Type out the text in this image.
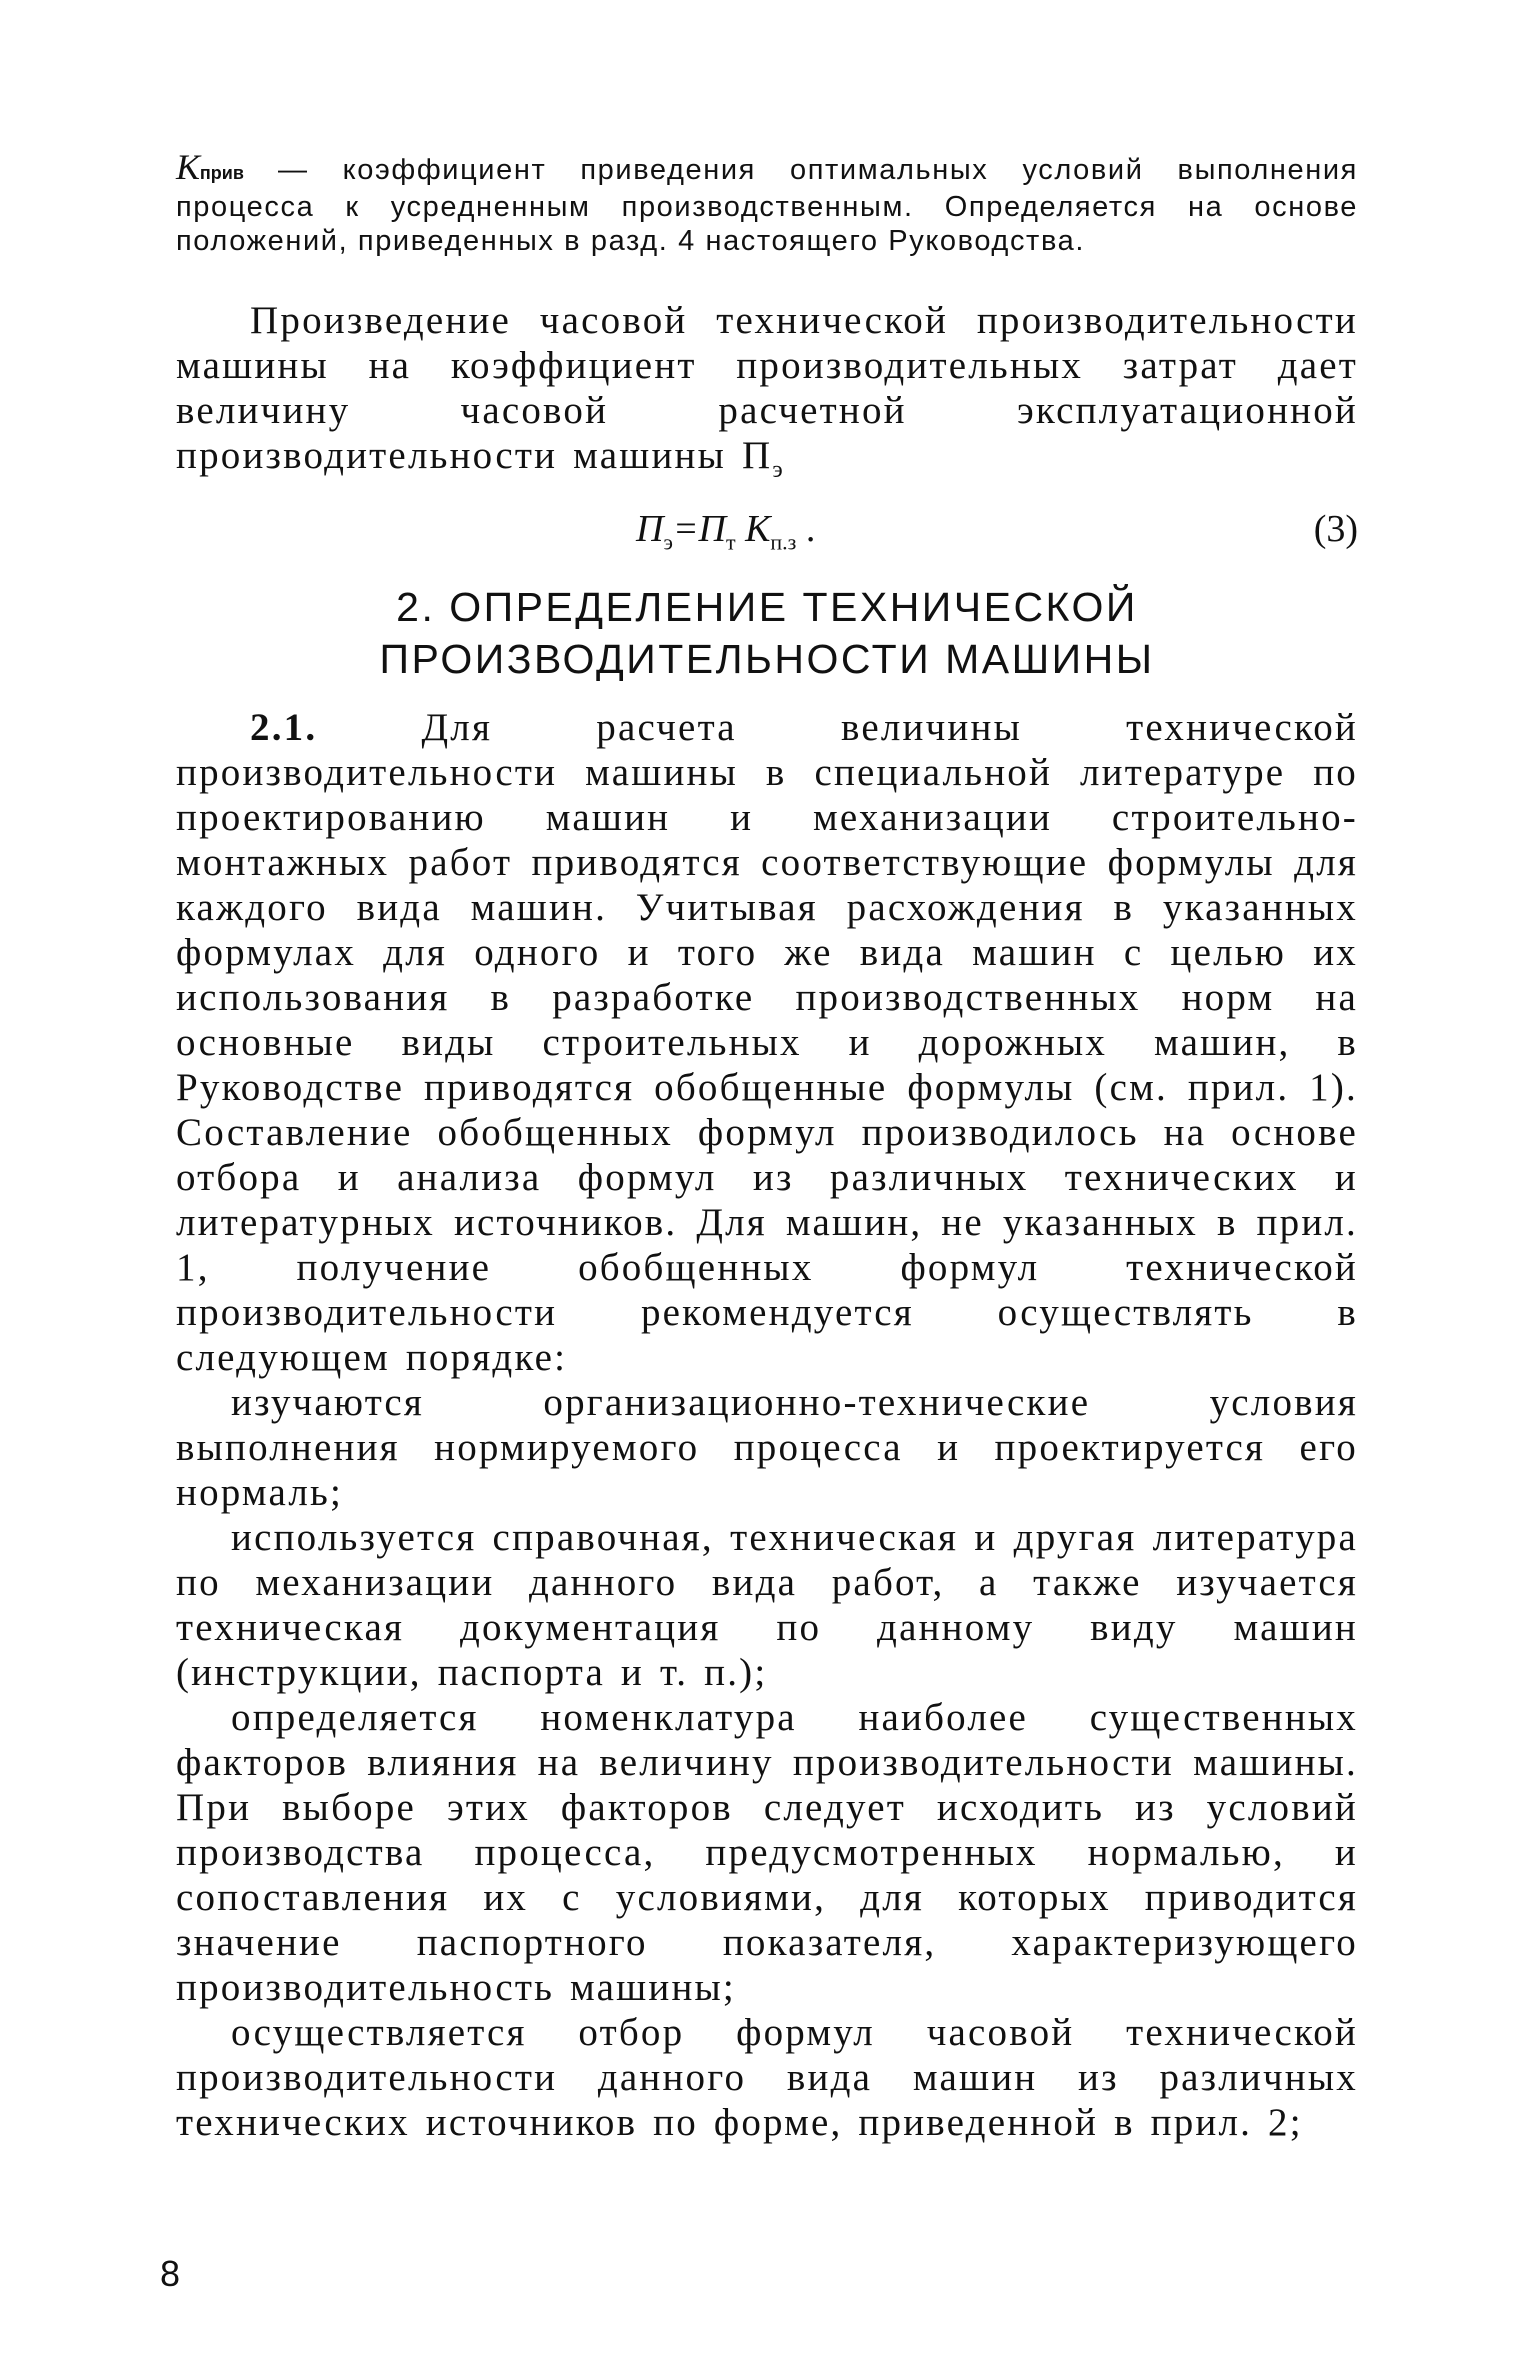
Кприв — коэффициент приведения оптимальных условий выполнения процесса к усредненным производственным. Определяется на основе положений, приведенных в разд. 4 настоящего Руководства.

Произведение часовой технической производительности машины на коэффициент производительных затрат дает величину часовой расчетной эксплуатационной производительности машины $П_э$

$П_э=П_т$ $К_{п.з}$ .	(3)
2. ОПРЕДЕЛЕНИЕ ТЕХНИЧЕСКОЙ
ПРОИЗВОДИТЕЛЬНОСТИ МАШИНЫ

2.1. Для расчета величины технической производительности машины в специальной литературе по проектированию машин и механизации строительно-монтажных работ приводятся соответствующие формулы для каждого вида машин. Учитывая расхождения в указанных формулах для одного и того же вида машин с целью их использования в разработке производственных норм на основные виды строительных и дорожных машин, в Руководстве приводятся обобщенные формулы (см. прил. 1). Составление обобщенных формул производилось на основе отбора и анализа формул из различных технических и литературных источников. Для машин, не указанных в прил. 1, получение обобщенных формул технической производительности рекомендуется осуществлять в следующем порядке:

изучаются организационно-технические условия выполнения нормируемого процесса и проектируется его нормаль;

используется справочная, техническая и другая литература по механизации данного вида работ, а также изучается техническая документация по данному виду машин (инструкции, паспорта и т. п.);

определяется номенклатура наиболее существенных факторов влияния на величину производительности машины. При выборе этих факторов следует исходить из условий производства процесса, предусмотренных нормалью, и сопоставления их с условиями, для которых приводится значение паспортного показателя, характеризующего производительность машины;

осуществляется отбор формул часовой технической производительности данного вида машин из различных технических источников по форме, приведенной в прил. 2;

8
